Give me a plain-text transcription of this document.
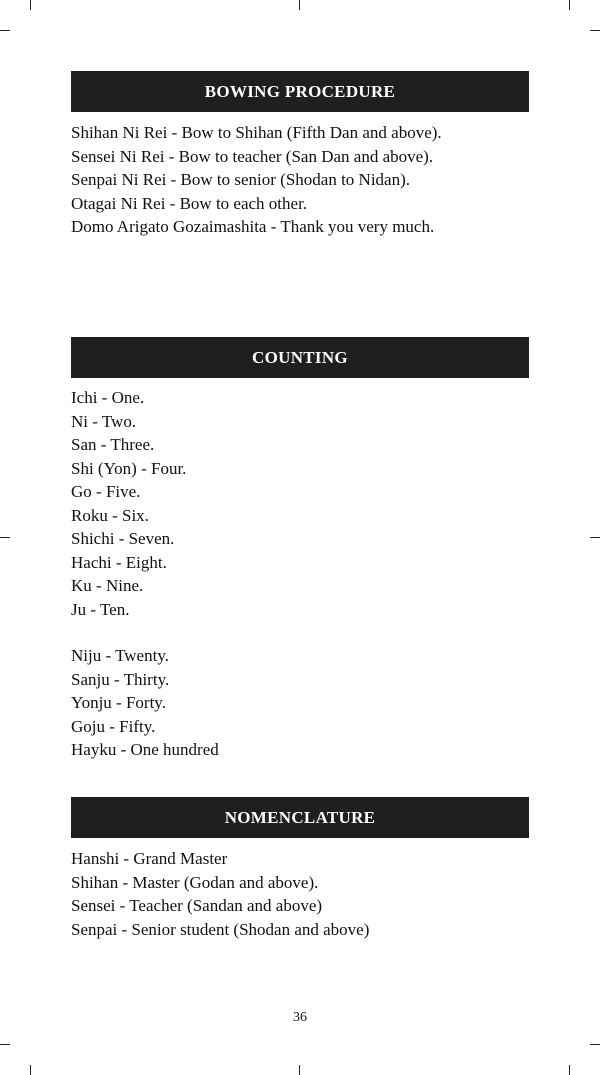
BOWING PROCEDURE
Shihan Ni Rei - Bow to Shihan (Fifth Dan and above).
Sensei Ni Rei - Bow to teacher (San Dan and above).
Senpai Ni Rei - Bow to senior (Shodan to Nidan).
Otagai Ni Rei - Bow to each other.
Domo Arigato Gozaimashita - Thank you very much.
COUNTING
Ichi - One.
Ni - Two.
San - Three.
Shi (Yon) - Four.
Go - Five.
Roku - Six.
Shichi - Seven.
Hachi - Eight.
Ku - Nine.
Ju - Ten.
Niju - Twenty.
Sanju - Thirty.
Yonju - Forty.
Goju - Fifty.
Hayku - One hundred
NOMENCLATURE
Hanshi - Grand Master
Shihan - Master (Godan and above).
Sensei - Teacher (Sandan and above)
Senpai - Senior student (Shodan and above)
36
